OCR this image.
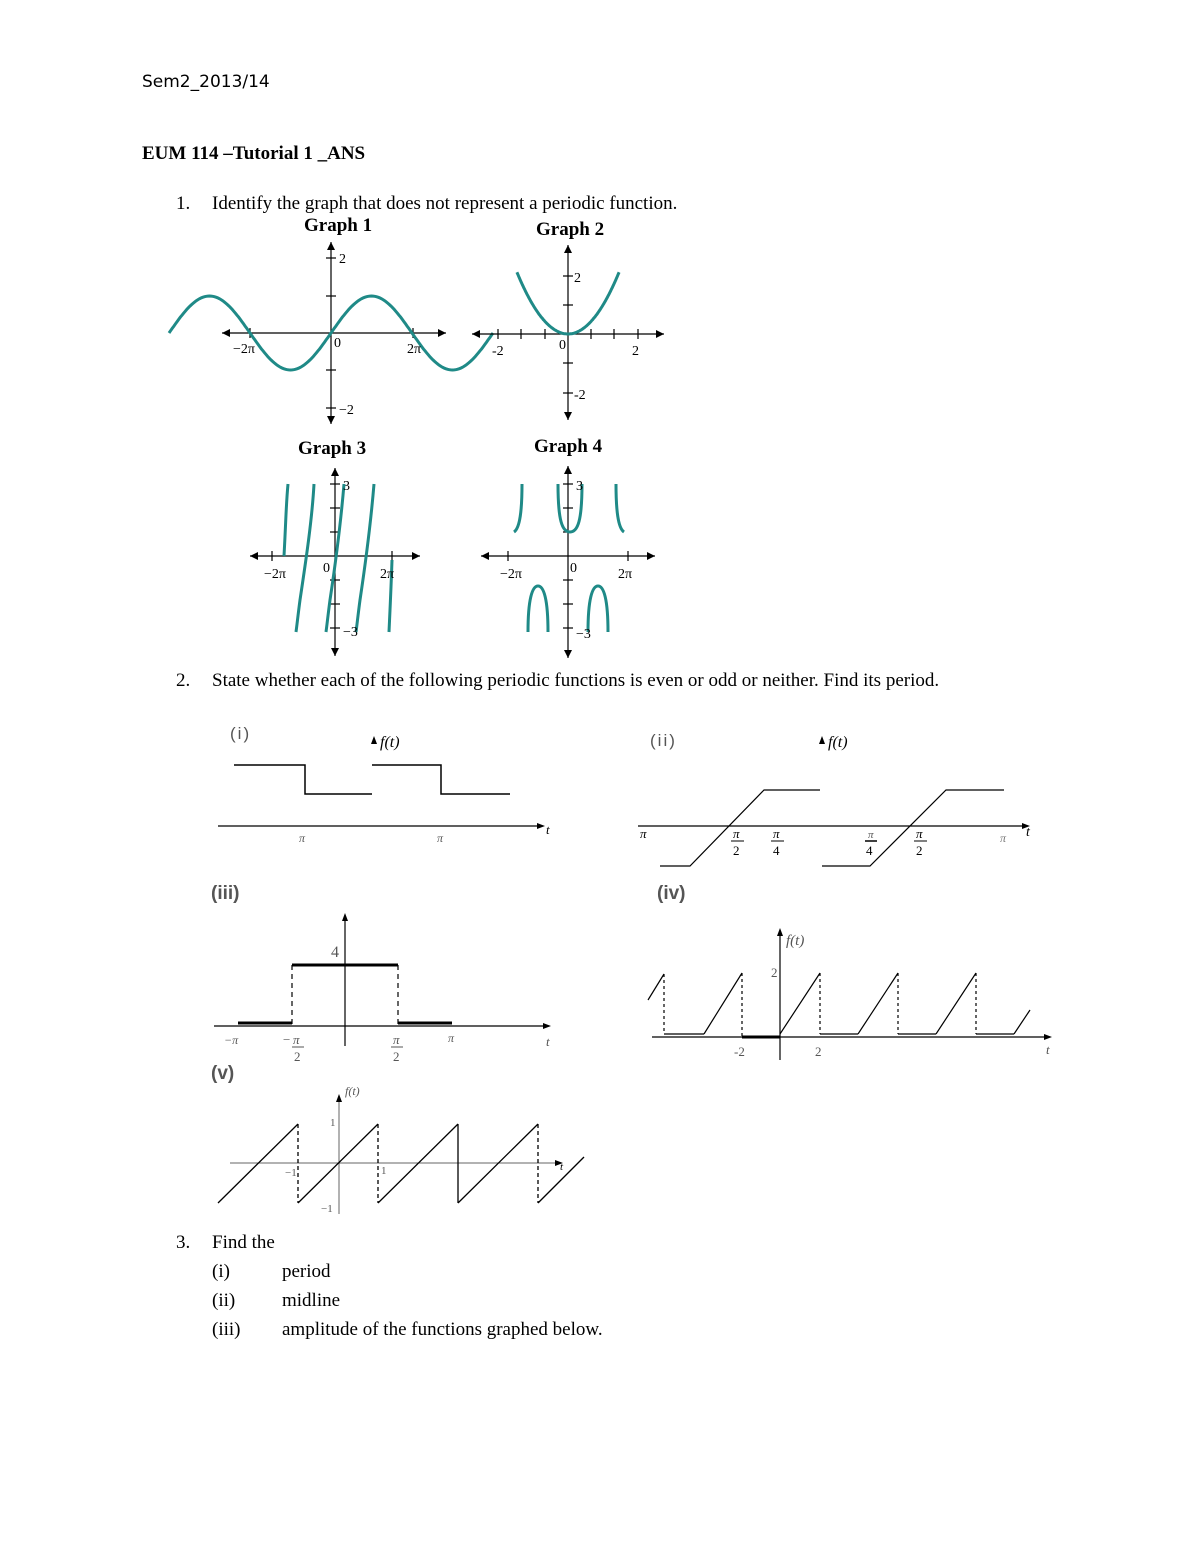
Sem2_2013/14
EUM 114 –Tutorial 1 _ANS
1. Identify the graph that does not represent a periodic function.
Graph 1	Graph 2
Graph 3	Graph 4
2
−2
−2π	0	2π
2
-2
-2	0	2
3
−3
−2π	0	2π
3
−3
−2π	0	2π
2. State whether each of the following periodic functions is even or odd or neither. Find its period.
(i)	(ii)
(iii)	(iv)
(v)
f(t)
t
π	π
f(t)
t
π	π
2
π
4
π
4
π
2
π
4
t
−π	− π
2
π
2
π
f(t)
t
2
-2	2
f(t)
t
1
−1	1
−1
3. Find the
(i)	period
(ii) midline
(iii) amplitude of the functions graphed below.
